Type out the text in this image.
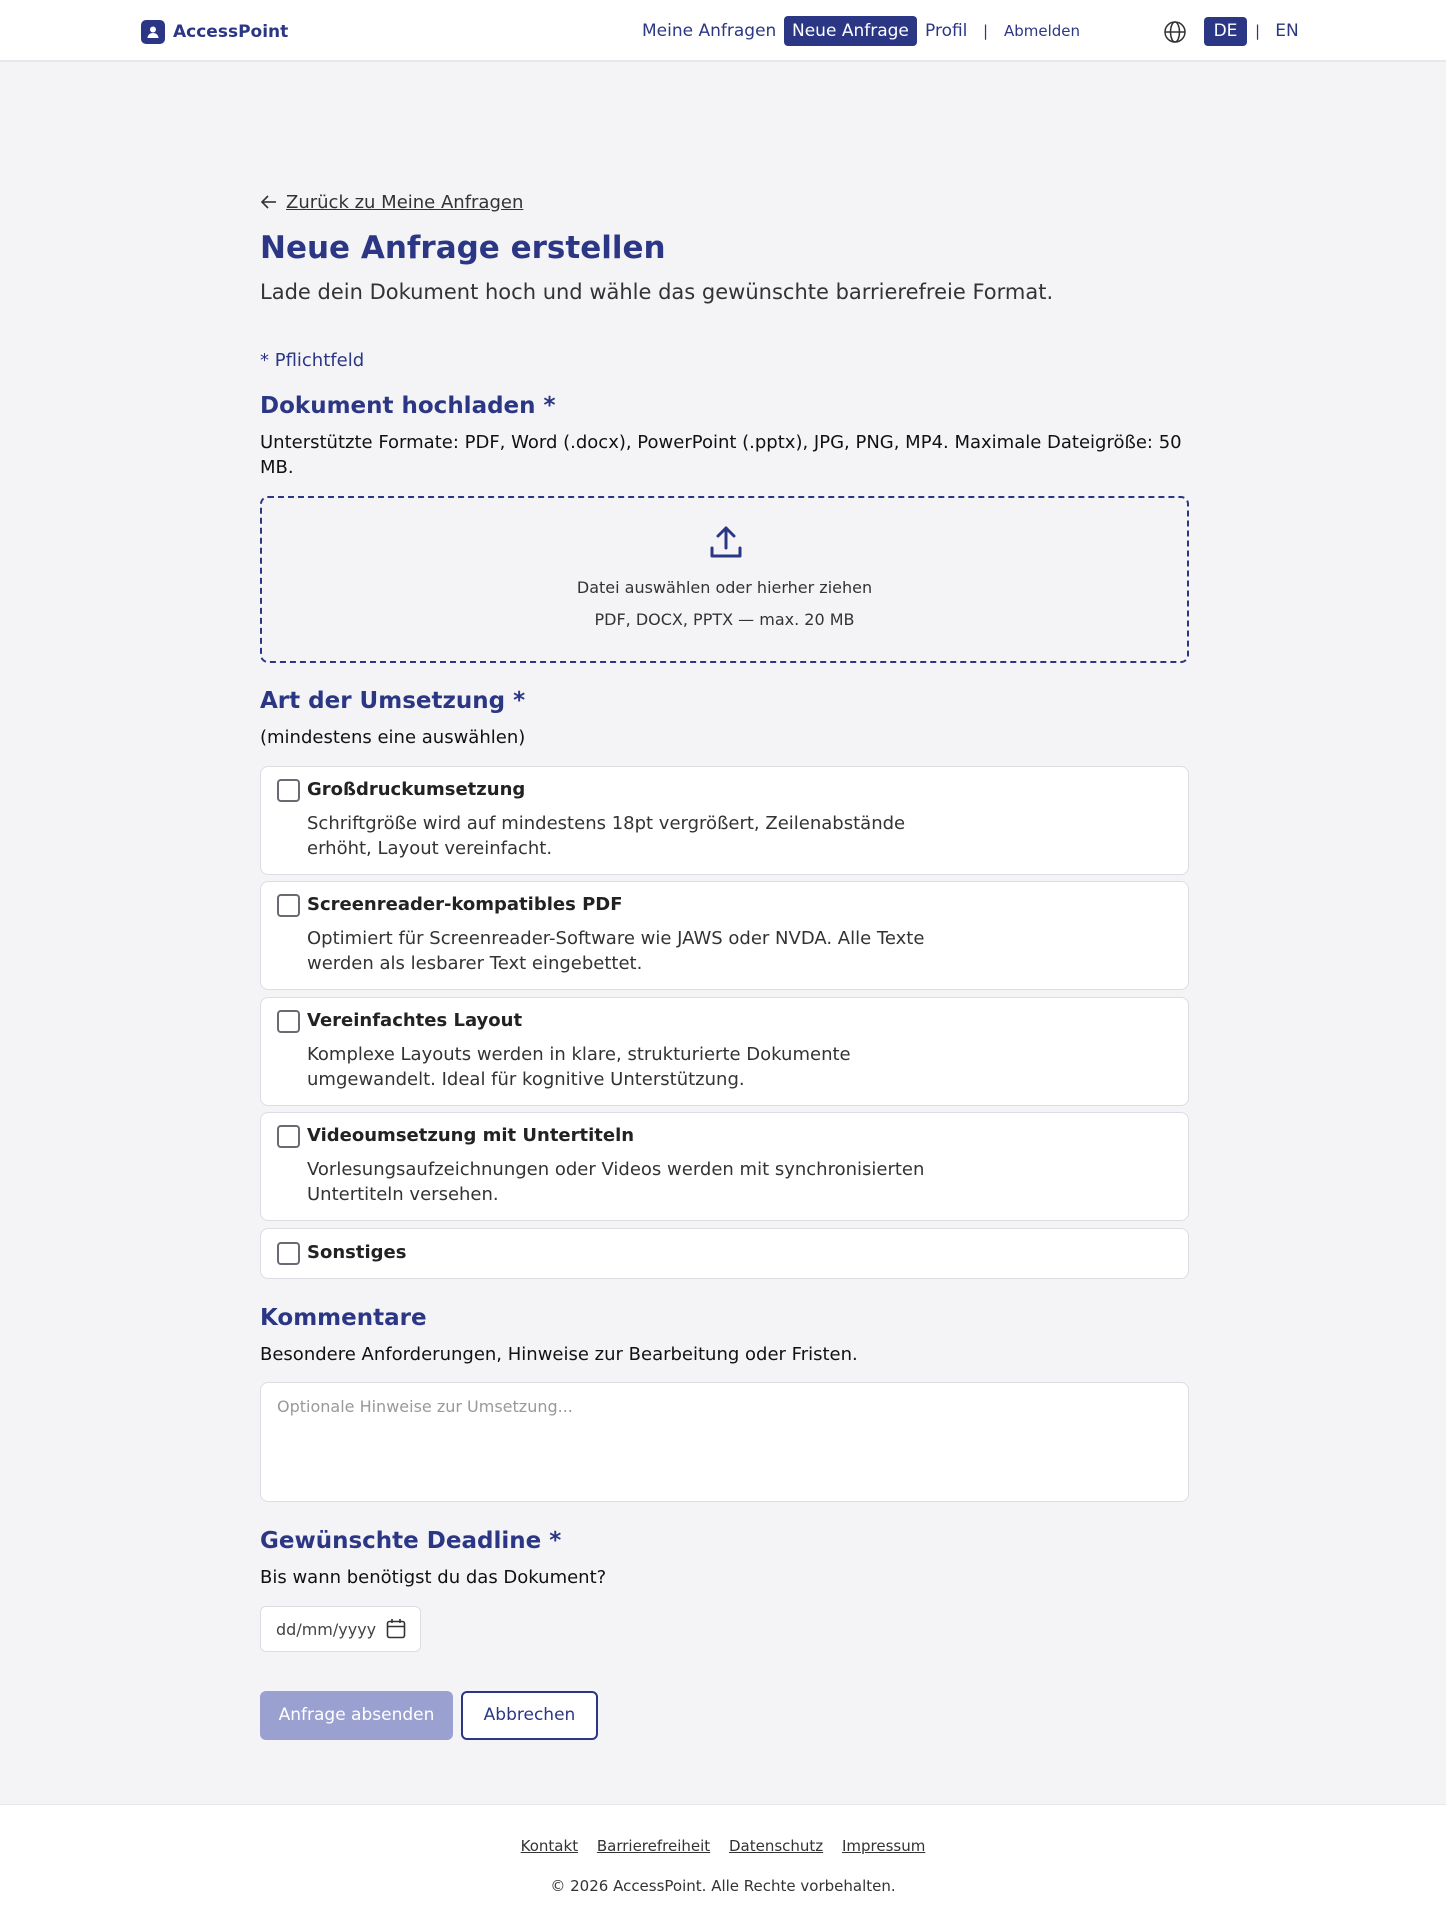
AccessPoint	Meine Anfragen Neue Anfrage Profil | Abmelden	DE	| EN
Zurück zu Meine Anfragen
Neue Anfrage erstellen

Lade dein Dokument hoch und wähle das gewünschte barrierefreie Format.

* Pflichtfeld

Dokument hochladen *

Unterstützte Formate: PDF, Word (.docx), PowerPoint (.pptx), JPG, PNG, MP4. Maximale Dateigröße: 50 MB.

Datei auswählen oder hierher ziehen
PDF, DOCX, PPTX — max. 20 MB
Art der Umsetzung *

(mindestens eine auswählen)

Großdruckumsetzung
Schriftgröße wird auf mindestens 18pt vergrößert, Zeilenabstände erhöht, Layout vereinfacht.
Screenreader-kompatibles PDF
Optimiert für Screenreader-Software wie JAWS oder NVDA. Alle Texte werden als lesbarer Text eingebettet.
Vereinfachtes Layout
Komplexe Layouts werden in klare, strukturierte Dokumente umgewandelt. Ideal für kognitive Unterstützung.
Videoumsetzung mit Untertiteln
Vorlesungsaufzeichnungen oder Videos werden mit synchronisierten Untertiteln versehen.
Sonstiges
Kommentare

Besondere Anforderungen, Hinweise zur Bearbeitung oder Fristen.

Optionale Hinweise zur Umsetzung...
Gewünschte Deadline *

Bis wann benötigst du das Dokument?

dd/mm/yyyy
Anfrage absenden	Abbrechen
Kontakt Barrierefreiheit Datenschutz Impressum
© 2026 AccessPoint. Alle Rechte vorbehalten.
